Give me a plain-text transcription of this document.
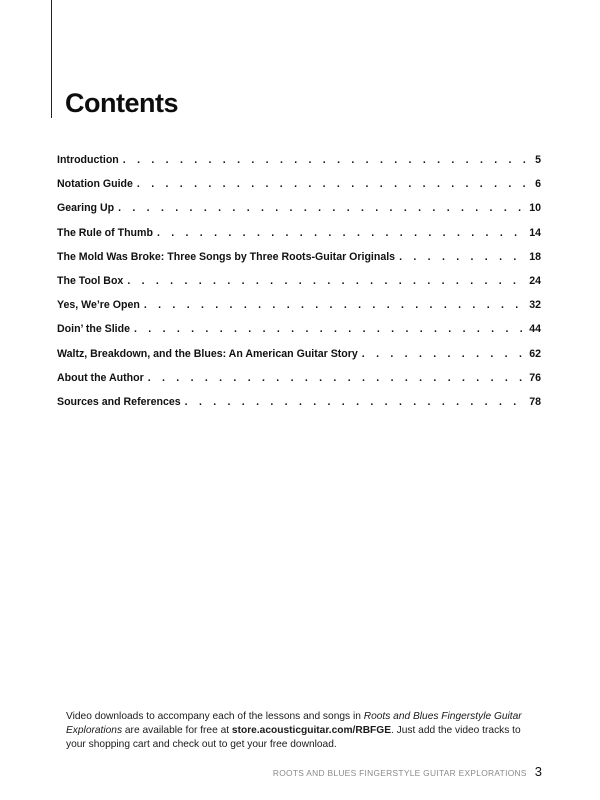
Contents
Introduction . . .	5
Notation Guide . . .	6
Gearing Up . . .	10
The Rule of Thumb . . .	14
The Mold Was Broke: Three Songs by Three Roots-Guitar Originals . . .	18
The Tool Box . . .	24
Yes, We’re Open . . .	32
Doin’ the Slide . . .	44
Waltz, Breakdown, and the Blues: An American Guitar Story . . .	62
About the Author . . .	76
Sources and References . . .	78

Video downloads to accompany each of the lessons and songs in Roots and Blues Fingerstyle Guitar Explorations are available for free at store.acousticguitar.com/RBFGE. Just add the video tracks to your shopping cart and check out to get your free download.

ROOTS AND BLUES FINGERSTYLE GUITAR EXPLORATIONS 3
